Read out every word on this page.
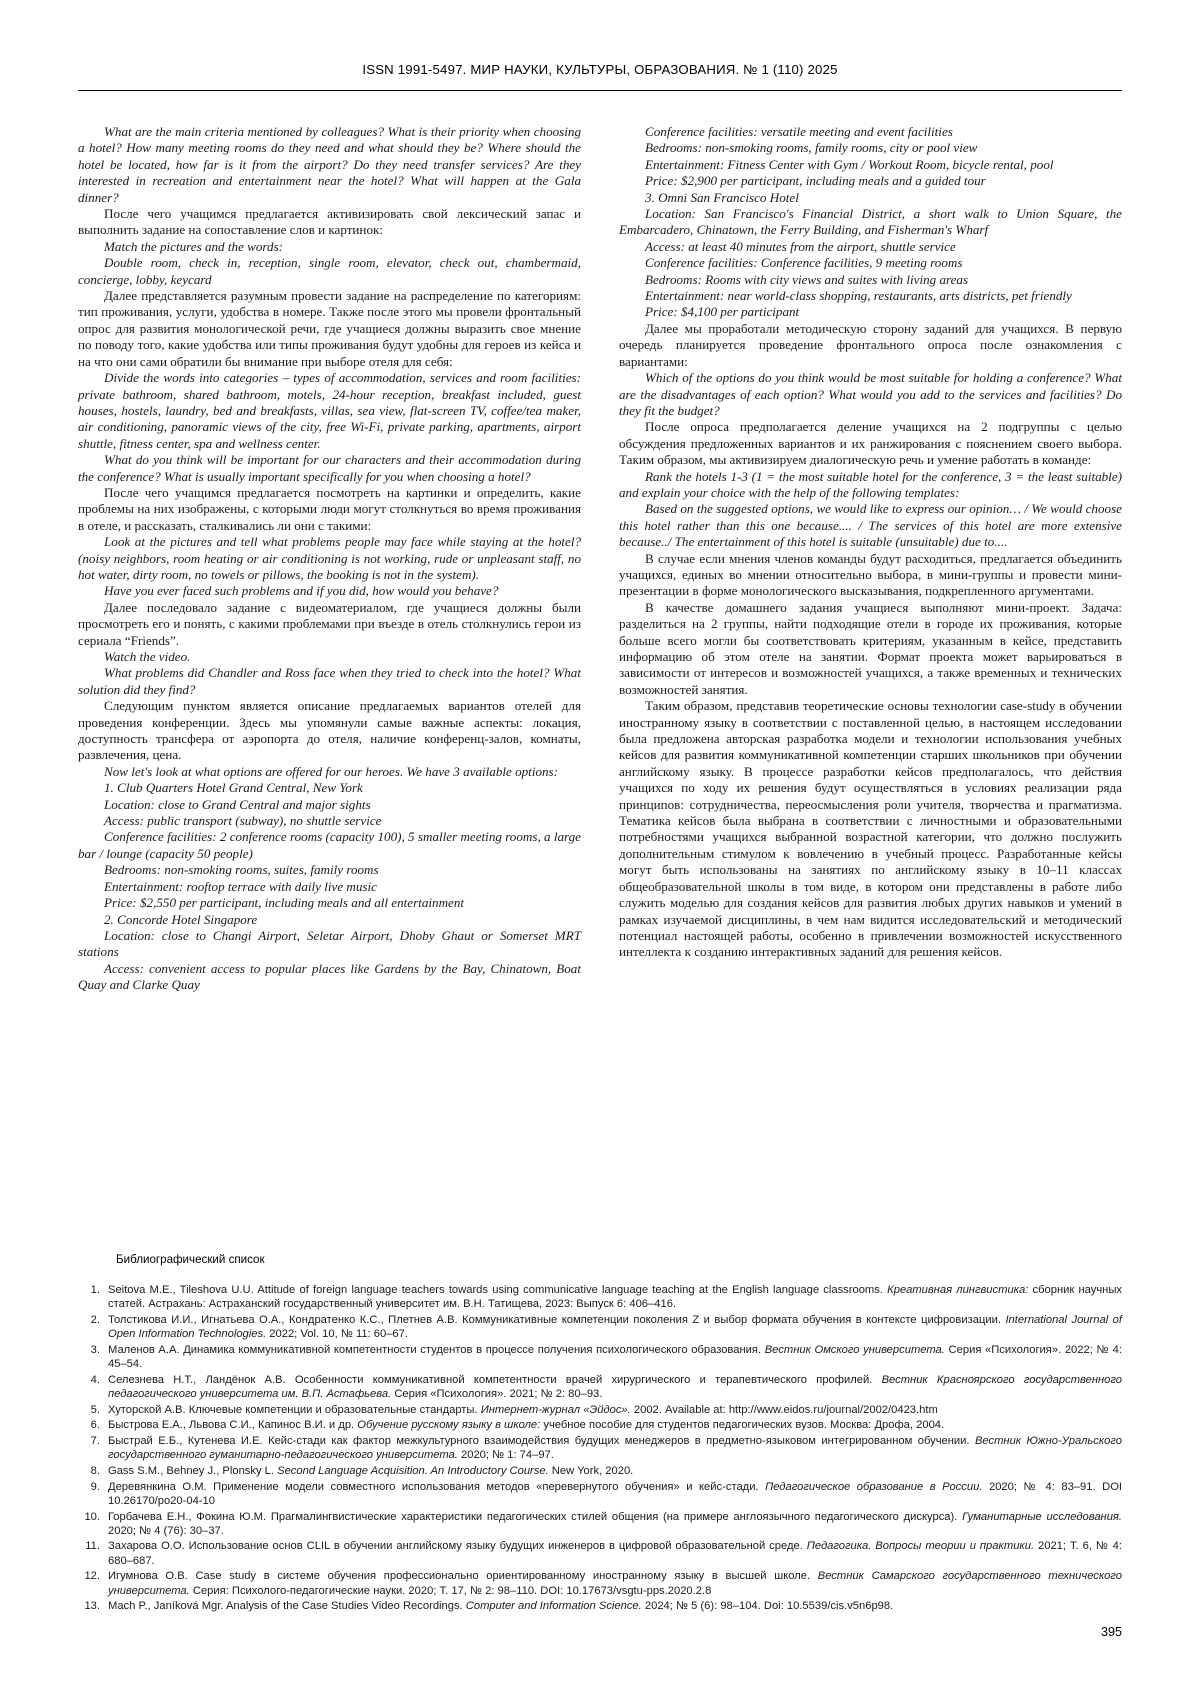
ISSN 1991-5497. МИР НАУКИ, КУЛЬТУРЫ, ОБРАЗОВАНИЯ. № 1 (110) 2025

What are the main criteria mentioned by colleagues? What is their priority when choosing a hotel? How many meeting rooms do they need and what should they be? Where should the hotel be located, how far is it from the airport? Do they need transfer services? Are they interested in recreation and entertainment near the hotel? What will happen at the Gala dinner?

После чего учащимся предлагается активизировать свой лексический запас и выполнить задание на сопоставление слов и картинок:

Match the pictures and the words:

Double room, check in, reception, single room, elevator, check out, chambermaid, concierge, lobby, keycard

Далее представляется разумным провести задание на распределение по категориям: тип проживания, услуги, удобства в номере. Также после этого мы провели фронтальный опрос для развития монологической речи, где учащиеся должны выразить свое мнение по поводу того, какие удобства или типы проживания будут удобны для героев из кейса и на что они сами обратили бы внимание при выборе отеля для себя:

Divide the words into categories – types of accommodation, services and room facilities: private bathroom, shared bathroom, motels, 24-hour reception, breakfast included, guest houses, hostels, laundry, bed and breakfasts, villas, sea view, flat-screen TV, coffee/tea maker, air conditioning, panoramic views of the city, free Wi-Fi, private parking, apartments, airport shuttle, fitness center, spa and wellness center.

What do you think will be important for our characters and their accommodation during the conference? What is usually important specifically for you when choosing a hotel?

После чего учащимся предлагается посмотреть на картинки и определить, какие проблемы на них изображены, с которыми люди могут столкнуться во время проживания в отеле, и рассказать, сталкивались ли они с такими:

Look at the pictures and tell what problems people may face while staying at the hotel? (noisy neighbors, room heating or air conditioning is not working, rude or unpleasant staff, no hot water, dirty room, no towels or pillows, the booking is not in the system).

Have you ever faced such problems and if you did, how would you behave?

Далее последовало задание с видеоматериалом, где учащиеся должны были просмотреть его и понять, с какими проблемами при въезде в отель столкнулись герои из сериала “Friends”.

Watch the video.

What problems did Chandler and Ross face when they tried to check into the hotel? What solution did they find?

Следующим пунктом является описание предлагаемых вариантов отелей для проведения конференции. Здесь мы упомянули самые важные аспекты: локация, доступность трансфера от аэропорта до отеля, наличие конференц-залов, комнаты, развлечения, цена.

Now let's look at what options are offered for our heroes. We have 3 available options:

1. Club Quarters Hotel Grand Central, New York

Location: close to Grand Central and major sights

Access: public transport (subway), no shuttle service

Conference facilities: 2 conference rooms (capacity 100), 5 smaller meeting rooms, a large bar / lounge (capacity 50 people)

Bedrooms: non-smoking rooms, suites, family rooms

Entertainment: rooftop terrace with daily live music

Price: $2,550 per participant, including meals and all entertainment

2. Concorde Hotel Singapore

Location: close to Changi Airport, Seletar Airport, Dhoby Ghaut or Somerset MRT stations

Access: convenient access to popular places like Gardens by the Bay, Chinatown, Boat Quay and Clarke Quay

Conference facilities: versatile meeting and event facilities

Bedrooms: non-smoking rooms, family rooms, city or pool view

Entertainment: Fitness Center with Gym / Workout Room, bicycle rental, pool

Price: $2,900 per participant, including meals and a guided tour

3. Omni San Francisco Hotel

Location: San Francisco's Financial District, a short walk to Union Square, the Embarcadero, Chinatown, the Ferry Building, and Fisherman's Wharf

Access: at least 40 minutes from the airport, shuttle service

Conference facilities: Conference facilities, 9 meeting rooms

Bedrooms: Rooms with city views and suites with living areas

Entertainment: near world-class shopping, restaurants, arts districts, pet friendly

Price: $4,100 per participant

Далее мы проработали методическую сторону заданий для учащихся. В первую очередь планируется проведение фронтального опроса после ознакомления с вариантами:

Which of the options do you think would be most suitable for holding a conference? What are the disadvantages of each option? What would you add to the services and facilities? Do they fit the budget?

После опроса предполагается деление учащихся на 2 подгруппы с целью обсуждения предложенных вариантов и их ранжирования с пояснением своего выбора. Таким образом, мы активизируем диалогическую речь и умение работать в команде:

Rank the hotels 1-3 (1 = the most suitable hotel for the conference, 3 = the least suitable) and explain your choice with the help of the following templates:

Based on the suggested options, we would like to express our opinion… / We would choose this hotel rather than this one because.... / The services of this hotel are more extensive because../ The entertainment of this hotel is suitable (unsuitable) due to....

В случае если мнения членов команды будут расходиться, предлагается объединить учащихся, единых во мнении относительно выбора, в мини-группы и провести мини-презентации в форме монологического высказывания, подкрепленного аргументами.

В качестве домашнего задания учащиеся выполняют мини-проект. Задача: разделиться на 2 группы, найти подходящие отели в городе их проживания, которые больше всего могли бы соответствовать критериям, указанным в кейсе, представить информацию об этом отеле на занятии. Формат проекта может варьироваться в зависимости от интересов и возможностей учащихся, а также временных и технических возможностей занятия.

Таким образом, представив теоретические основы технологии case-study в обучении иностранному языку в соответствии с поставленной целью, в настоящем исследовании была предложена авторская разработка модели и технологии использования учебных кейсов для развития коммуникативной компетенции старших школьников при обучении английскому языку. В процессе разработки кейсов предполагалось, что действия учащихся по ходу их решения будут осуществляться в условиях реализации ряда принципов: сотрудничества, переосмысления роли учителя, творчества и прагматизма. Тематика кейсов была выбрана в соответствии с личностными и образовательными потребностями учащихся выбранной возрастной категории, что должно послужить дополнительным стимулом к вовлечению в учебный процесс. Разработанные кейсы могут быть использованы на занятиях по английскому языку в 10–11 классах общеобразовательной школы в том виде, в котором они представлены в работе либо служить моделью для создания кейсов для развития любых других навыков и умений в рамках изучаемой дисциплины, в чем нам видится исследовательский и методический потенциал настоящей работы, особенно в привлечении возможностей искусственного интеллекта к созданию интерактивных заданий для решения кейсов.

Библиографический список
1. Seitova M.E., Tileshova U.U. Attitude of foreign language teachers towards using communicative language teaching at the English language classrooms. Креативная лингвистика: сборник научных статей. Астрахань: Астраханский государственный университет им. В.Н. Татищева, 2023: Выпуск 6: 406–416.
2. Толстикова И.И., Игнатьева О.А., Кондратенко К.С., Плетнев А.В. Коммуникативные компетенции поколения Z и выбор формата обучения в контексте цифровизации. International Journal of Open Information Technologies. 2022; Vol. 10, № 11: 60–67.
3. Маленов А.А. Динамика коммуникативной компетентности студентов в процессе получения психологического образования. Вестник Омского университета. Серия «Психология». 2022; № 4: 45–54.
4. Селезнева Н.Т., Ландёнок А.В. Особенности коммуникативной компетентности врачей хирургического и терапевтического профилей. Вестник Красноярского государственного педагогического университета им. В.П. Астафьева. Серия «Психология». 2021; № 2: 80–93.
5. Хуторской А.В. Ключевые компетенции и образовательные стандарты. Интернет-журнал «Эйдос». 2002. Available at: http://www.eidos.ru/journal/2002/0423.htm
6. Быстрова Е.А., Львова С.И., Капинос В.И. и др. Обучение русскому языку в школе: учебное пособие для студентов педагогических вузов. Москва: Дрофа, 2004.
7. Быстрай Е.Б., Кутенева И.Е. Кейс-стади как фактор межкультурного взаимодействия будущих менеджеров в предметно-языковом интегрированном обучении. Вестник Южно-Уральского государственного гуманитарно-педагогического университета. 2020; № 1: 74–97.
8. Gass S.M., Behney J., Plonsky L. Second Language Acquisition. An Introductory Course. New York, 2020.
9. Деревянкина О.М. Применение модели совместного использования методов «перевернутого обучения» и кейс-стади. Педагогическое образование в России. 2020; № 4: 83–91. DOI 10.26170/po20-04-10
10. Горбачева Е.Н., Фокина Ю.М. Прагмалингвистические характеристики педагогических стилей общения (на примере англоязычного педагогического дискурса). Гуманитарные исследования. 2020; № 4 (76): 30–37.
11. Захарова О.О. Использование основ CLIL в обучении английскому языку будущих инженеров в цифровой образовательной среде. Педагогика. Вопросы теории и практики. 2021; Т. 6, № 4: 680–687.
12. Игумнова О.В. Case study в системе обучения профессионально ориентированному иностранному языку в высшей школе. Вестник Самарского государственного технического университета. Серия: Психолого-педагогические науки. 2020; Т. 17, № 2: 98–110. DOI: 10.17673/vsgtu-pps.2020.2.8
13. Mach P., Janíková Mgr. Analysis of the Case Studies Video Recordings. Computer and Information Science. 2024; № 5 (6): 98–104. Doi: 10.5539/cis.v5n6p98.
395
